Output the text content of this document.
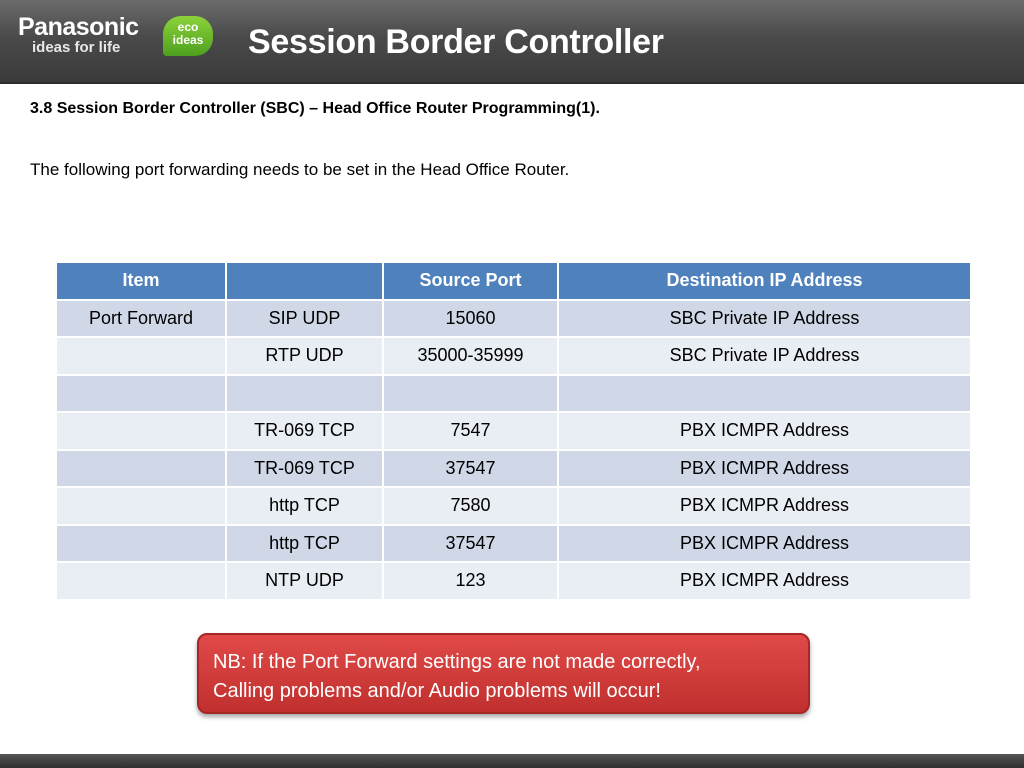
Panasonic
ideas for life
eco
ideas Session Border Controller

3.8 Session Border Controller (SBC) – Head Office Router Programming(1).

The following port forwarding needs to be set in the Head Office Router.

Item		Source Port	Destination IP Address
Port Forward	SIP UDP	15060	SBC Private IP Address
	RTP UDP	35000-35999	SBC Private IP Address

	TR-069 TCP	7547	PBX ICMPR Address
	TR-069 TCP	37547	PBX ICMPR Address
	http TCP	7580	PBX ICMPR Address
	http TCP	37547	PBX ICMPR Address
	NTP UDP	123	PBX ICMPR Address
NB: If the Port Forward settings are not made correctly,
Calling problems and/or Audio problems will occur!
